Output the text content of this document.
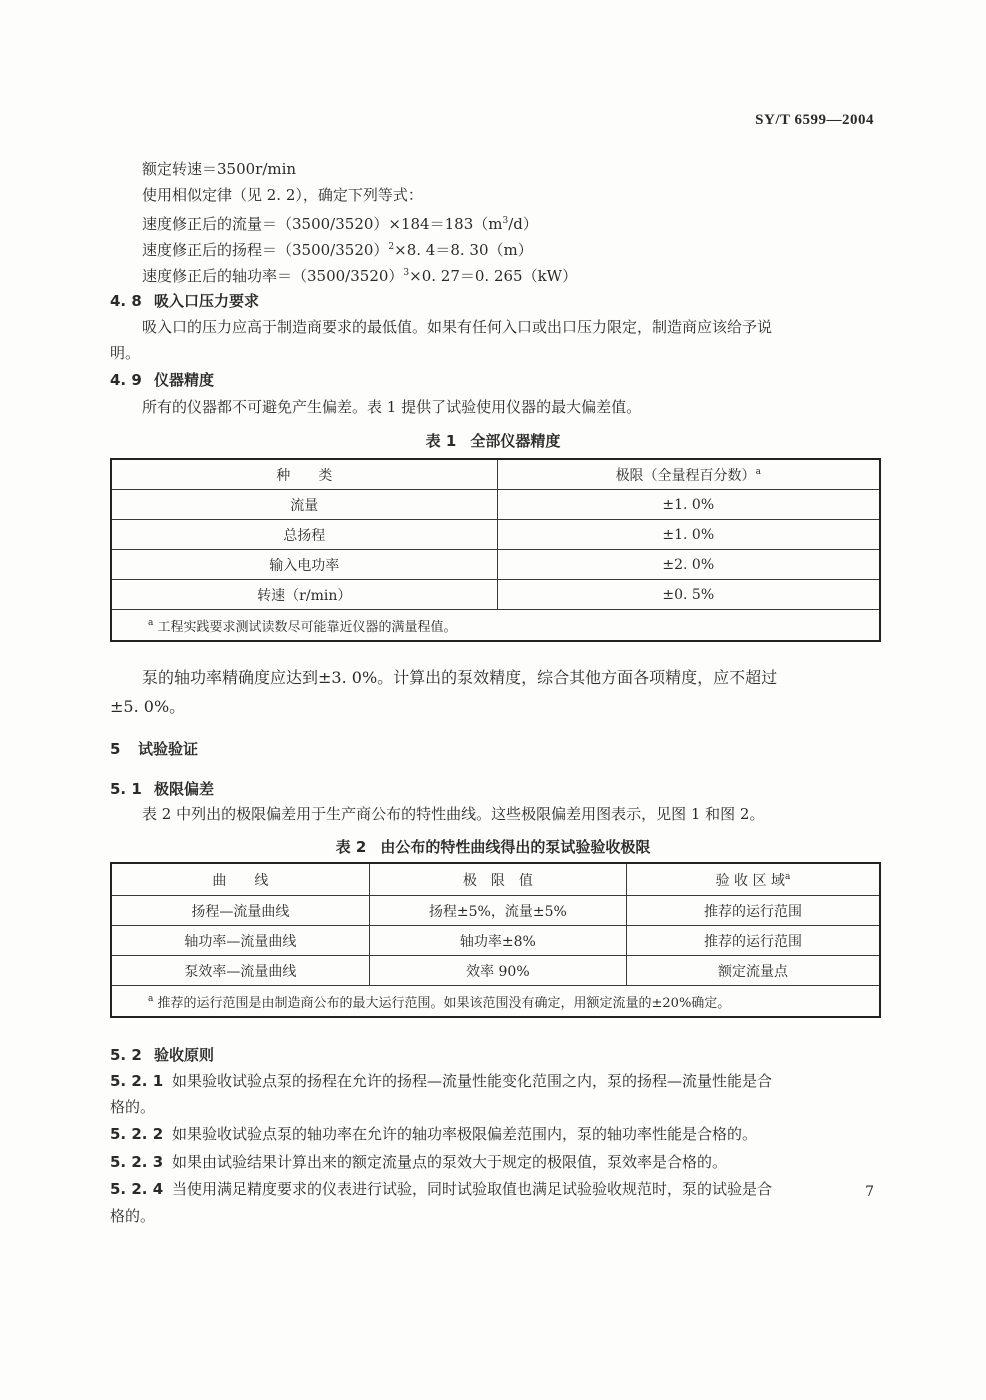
SY/T 6599—2004
额定转速＝3500r/min
使用相似定律（见 2. 2），确定下列等式：
速度修正后的流量$=(3500/3520)\times 184=183(m^3/d)$
速度修正后的扬程$=(3500/3520)^2\times 8$. 4＝8. 30（m）
速度修正后的轴功率$=(3500/3520)^3\times 0$. 27＝0. 265（kW）
4. 8 吸入口压力要求
吸入口的压力应高于制造商要求的最低值。如果有任何入口或出口压力限定，制造商应该给予说
明。
4. 9 仪器精度
所有的仪器都不可避免产生偏差。表 1 提供了试验使用仪器的最大偏差值。
表 1 全部仪器精度
种　　类	极限（全量程百分数）$^a$
流量	±1. 0%
总扬程	±1. 0%
输入电功率	±2. 0%
转速（r/min）	±0. 5%
$^a$ 工程实践要求测试读数尽可能靠近仪器的满量程值。	
泵的轴功率精确度应达到±3. 0%。计算出的泵效精度，综合其他方面各项精度，应不超过
±5. 0%。
5 试验验证
5. 1 极限偏差
表 2 中列出的极限偏差用于生产商公布的特性曲线。这些极限偏差用图表示，见图 1 和图 2。
表 2 由公布的特性曲线得出的泵试验验收极限
曲　　线	极　限　值	验 收 区 域$^a$
扬程—流量曲线	扬程±5%，流量±5%	推荐的运行范围
轴功率—流量曲线	轴功率±8%	推荐的运行范围
泵效率—流量曲线	效率 90%	额定流量点
$^a$ 推荐的运行范围是由制造商公布的最大运行范围。如果该范围没有确定，用额定流量的±20%确定。		
5. 2 验收原则
5. 2. 1 如果验收试验点泵的扬程在允许的扬程—流量性能变化范围之内，泵的扬程—流量性能是合
格的。
5. 2. 2 如果验收试验点泵的轴功率在允许的轴功率极限偏差范围内，泵的轴功率性能是合格的。
5. 2. 3 如果由试验结果计算出来的额定流量点的泵效大于规定的极限值，泵效率是合格的。
5. 2. 4 当使用满足精度要求的仪表进行试验，同时试验取值也满足试验验收规范时，泵的试验是合
格的。
7
